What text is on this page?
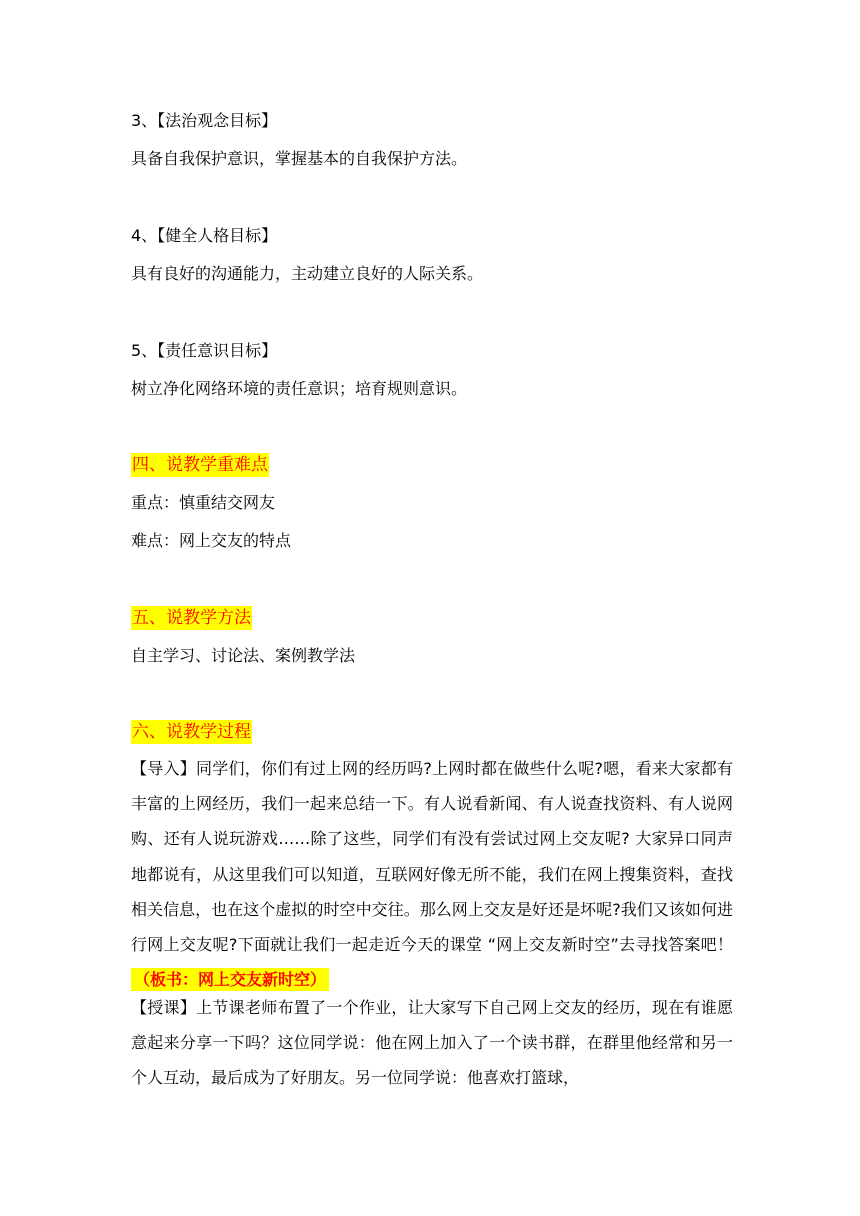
3、【法治观念目标】
具备自我保护意识，掌握基本的自我保护方法。
4、【健全人格目标】
具有良好的沟通能力，主动建立良好的人际关系。
5、【责任意识目标】
树立净化网络环境的责任意识；培育规则意识。
四、说教学重难点
重点：慎重结交网友
难点：网上交友的特点
五、说教学方法
自主学习、讨论法、案例教学法
六、说教学过程
【导入】同学们，你们有过上网的经历吗?上网时都在做些什么呢?嗯，看来大家都有丰富的上网经历，我们一起来总结一下。有人说看新闻、有人说查找资料、有人说网购、还有人说玩游戏……除了这些，同学们有没有尝试过网上交友呢? 大家异口同声地都说有，从这里我们可以知道，互联网好像无所不能，我们在网上搜集资料，查找相关信息，也在这个虚拟的时空中交往。那么网上交友是好还是坏呢?我们又该如何进行网上交友呢?下面就让我们一起走近今天的课堂 “网上交友新时空”去寻找答案吧！（板书：网上交友新时空）
【授课】上节课老师布置了一个作业，让大家写下自己网上交友的经历，现在有谁愿意起来分享一下吗？这位同学说：他在网上加入了一个读书群，在群里他经常和另一个人互动，最后成为了好朋友。另一位同学说：他喜欢打篮球，
